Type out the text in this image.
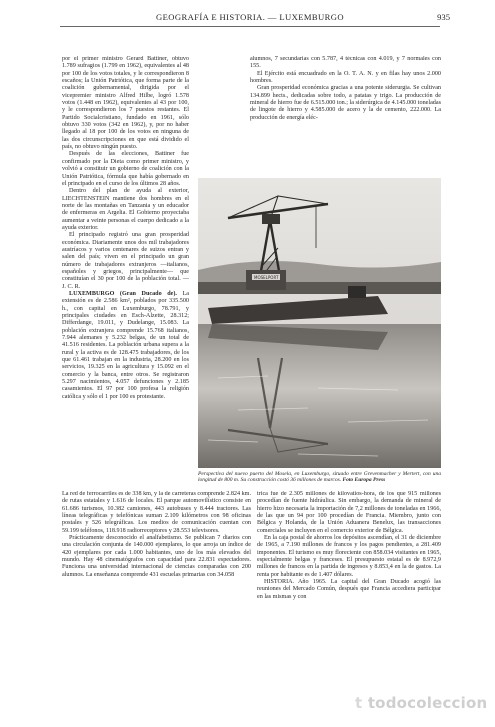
GEOGRAFÍA E HISTORIA. — LUXEMBURGO	935

por el primer ministro Gerard Battiner, obtuvo 1.789 sufragios (1.799 en 1962), equivalentes al 48 por 100 de los votos totales, y le correspondieron 8 escaños; la Unión Patriótica, que forma parte de la coalición gubernamental, dirigida por el vicepremier ministro Alfred Hilbe, logró 1.578 votos (1.448 en 1962), equivalentes al 43 por 100, y le correspondieron los 7 puestos restantes. El Partido Socialcristiano, fundado en 1961, sólo obtuvo 330 votos (342 en 1962), y, por no haber llegado al 18 por 100 de los votos en ninguna de las dos circunscripciones en que está dividido el país, no obtuvo ningún puesto.

Después de las elecciones, Battiner fue confirmado por la Dieta como primer ministro, y volvió a constituir un gobierno de coalición con la Unión Patriótica, fórmula que había gobernado en el principado en el curso de los últimos 28 años.

Dentro del plan de ayuda al exterior, LIECHTENSTEIN mantiene dos hombres en el norte de las montañas en Tanzania y un educador de enfermeras en Argelia. El Gobierno proyectaba aumentar a veinte personas el cuerpo dedicado a la ayuda exterior.

El principado registró una gran prosperidad económica. Diariamente unos dos mil trabajadores austríacos y varios centenares de suizos entran y salen del país; viven en el principado un gran número de trabajadores extranjeros —italianos, españoles y griegos, principalmente— que constituían el 30 por 100 de la población total. — J. C. R.

LUXEMBURGO (Gran Ducado de). La extensión es de 2.586 km², poblados por 335.500 h., con capital en Luxemburgo, 78.791, y principales ciudades en Esch-Alzette, 28.312; Differdange, 19.011, y Dudelange, 15.083. La población extranjera comprende 15.768 italianos, 7.944 alemanes y 5.232 belgas, de un total de 41.516 residentes. La población urbana supera a la rural y la activa es de 128.475 trabajadores, de los que 61.461 trabajan en la industria, 28.200 en los servicios, 19.325 en la agricultura y 15.092 en el comercio y la banca, entre otros. Se registraron 5.297 nacimientos, 4.057 defunciones y 2.185 casamientos. El 97 por 100 profesa la religión católica y sólo el 1 por 100 es protestante.

alumnos, 7 secundarias con 5.787, 4 técnicas con 4.019, y 7 normales con 155.

El Ejército está encuadrado en la O. T. A. N. y en filas hay unos 2.000 hombres.

Gran prosperidad económica gracias a una potente siderurgia. Se cultivan 134.899 hects., dedicadas sobre todo, a patatas y trigo. La producción de mineral de hierro fue de 6.515.000 ton.; la siderúrgica de 4.145.000 toneladas de lingote de hierro y 4.585.000 de acero y la de cemento, 222.000. La producción de energía eléc-

MOSELPORT
Perspectiva del nuevo puerto del Mosela, en Luxemburgo, situado entre Grevenmacher y Mertert, con una longitud de 800 m. Su construcción costó 36 millones de marcos. Foto Europa Press

La red de ferrocarriles es de 338 km, y la de carreteras comprende 2.824 km. de rutas estatales y 1.616 de locales. El parque automovilístico consiste en 61.686 turismos, 10.382 camiones, 443 autobuses y 8.444 tractores. Las líneas telegráficas y telefónicas suman 2.109 kilómetros con 98 oficinas postales y 526 telegráficas. Los medios de comunicación cuentan con 59.199 teléfonos, 118.918 radiorreceptores y 28.553 televisores.

Prácticamente desconocido el analfabetismo. Se publican 7 diarios con una circulación conjunta de 140.000 ejemplares, lo que arroja un índice de 420 ejemplares por cada 1.000 habitantes, uno de los más elevados del mundo. Hay 48 cinematógrafos con capacidad para 22.831 espectadores. Funciona una universidad internacional de ciencias comparadas con 200 alumnos. La enseñanza comprende 431 escuelas primarias con 34.058

trica fue de 2.305 millones de kilovatios-hora, de los que 915 millones procedían de fuente hidráulica. Sin embargo, la demanda de mineral de hierro hizo necesaria la importación de 7,2 millones de toneladas en 1966, de las que un 94 por 100 procedían de Francia. Miembro, junto con Bélgica y Holanda, de la Unión Aduanera Benelux, las transacciones comerciales se incluyen en el comercio exterior de Bélgica.

En la caja postal de ahorros los depósitos ascendían, el 31 de diciembre de 1965, a 7.190 millones de francos y los pagos pendientes, a 281.409 imponentes. El turismo es muy floreciente con 858.034 visitantes en 1965, especialmente belgas y franceses. El presupuesto estatal es de 8.972,9 millones de francos en la partida de ingresos y 8.853,4 en la de gastos. La renta por habitante es de 1.407 dólares.

HISTORIA. Año 1965. La capital del Gran Ducado acogió las reuniones del Mercado Común, después que Francia accediera participar en las mismas y con

t todocoleccion
